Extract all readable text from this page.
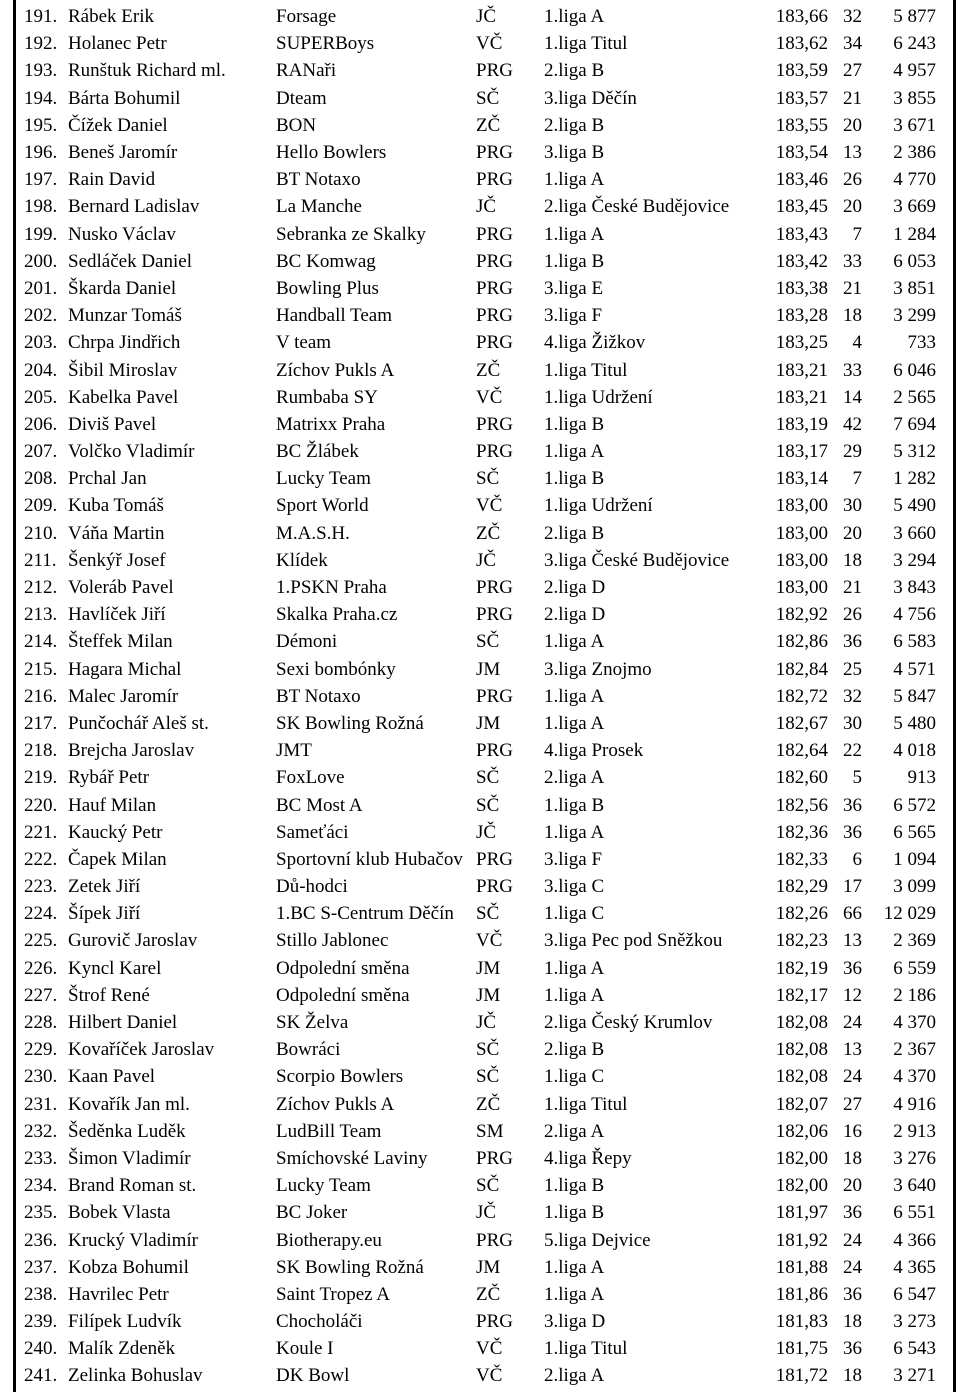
191.	Rábek Erik	Forsage	JČ	1.liga A	183,66	32	5 877
192.	Holanec Petr	SUPERBoys	VČ	1.liga Titul	183,62	34	6 243
193.	Runštuk Richard ml.	RANaři	PRG	2.liga B	183,59	27	4 957
194.	Bárta Bohumil	Dteam	SČ	3.liga Děčín	183,57	21	3 855
195.	Čížek Daniel	BON	ZČ	2.liga B	183,55	20	3 671
196.	Beneš Jaromír	Hello Bowlers	PRG	3.liga B	183,54	13	2 386
197.	Rain David	BT Notaxo	PRG	1.liga A	183,46	26	4 770
198.	Bernard Ladislav	La Manche	JČ	2.liga České Budějovice	183,45	20	3 669
199.	Nusko Václav	Sebranka ze Skalky	PRG	1.liga A	183,43	7	1 284
200.	Sedláček Daniel	BC Komwag	PRG	1.liga B	183,42	33	6 053
201.	Škarda Daniel	Bowling Plus	PRG	3.liga E	183,38	21	3 851
202.	Munzar Tomáš	Handball Team	PRG	3.liga F	183,28	18	3 299
203.	Chrpa Jindřich	V team	PRG	4.liga Žižkov	183,25	4	733
204.	Šibil Miroslav	Zíchov Pukls A	ZČ	1.liga Titul	183,21	33	6 046
205.	Kabelka Pavel	Rumbaba SY	VČ	1.liga Udržení	183,21	14	2 565
206.	Diviš Pavel	Matrixx Praha	PRG	1.liga B	183,19	42	7 694
207.	Volčko Vladimír	BC Žlábek	PRG	1.liga A	183,17	29	5 312
208.	Prchal Jan	Lucky Team	SČ	1.liga B	183,14	7	1 282
209.	Kuba Tomáš	Sport World	VČ	1.liga Udržení	183,00	30	5 490
210.	Váňa Martin	M.A.S.H.	ZČ	2.liga B	183,00	20	3 660
211.	Šenkýř Josef	Klídek	JČ	3.liga České Budějovice	183,00	18	3 294
212.	Volеráb Pavel	1.PSKN Praha	PRG	2.liga D	183,00	21	3 843
213.	Havlíček Jiří	Skalka Praha.cz	PRG	2.liga D	182,92	26	4 756
214.	Šteffek Milan	Démoni	SČ	1.liga A	182,86	36	6 583
215.	Hagara Michal	Sexi bombónky	JM	3.liga Znojmo	182,84	25	4 571
216.	Malec Jaromír	BT Notaxo	PRG	1.liga A	182,72	32	5 847
217.	Punčochář Aleš st.	SK Bowling Rožná	JM	1.liga A	182,67	30	5 480
218.	Brejcha Jaroslav	JMT	PRG	4.liga Prosek	182,64	22	4 018
219.	Rybář Petr	FoxLove	SČ	2.liga A	182,60	5	913
220.	Hauf Milan	BC Most A	SČ	1.liga B	182,56	36	6 572
221.	Kaucký Petr	Sameťáci	JČ	1.liga A	182,36	36	6 565
222.	Čapek Milan	Sportovní klub Hubačov	PRG	3.liga F	182,33	6	1 094
223.	Zetek Jiří	Dů-hodci	PRG	3.liga C	182,29	17	3 099
224.	Šípek Jiří	1.BC S-Centrum Děčín	SČ	1.liga C	182,26	66	12 029
225.	Gurovič Jaroslav	Stillo Jablonec	VČ	3.liga Pec pod Sněžkou	182,23	13	2 369
226.	Kyncl Karel	Odpolední směna	JM	1.liga A	182,19	36	6 559
227.	Štrof René	Odpolední směna	JM	1.liga A	182,17	12	2 186
228.	Hilbert Daniel	SK Želva	JČ	2.liga Český Krumlov	182,08	24	4 370
229.	Kovaříček Jaroslav	Bowráci	SČ	2.liga B	182,08	13	2 367
230.	Kaan Pavel	Scorpio Bowlers	SČ	1.liga C	182,08	24	4 370
231.	Kovařík Jan ml.	Zíchov Pukls A	ZČ	1.liga Titul	182,07	27	4 916
232.	Šeděnka Luděk	LudBill Team	SM	2.liga A	182,06	16	2 913
233.	Šimon Vladimír	Smíchovské Laviny	PRG	4.liga Řepy	182,00	18	3 276
234.	Brand Roman st.	Lucky Team	SČ	1.liga B	182,00	20	3 640
235.	Bobek Vlasta	BC Joker	JČ	1.liga B	181,97	36	6 551
236.	Krucký Vladimír	Biotherapy.eu	PRG	5.liga Dejvice	181,92	24	4 366
237.	Kobza Bohumil	SK Bowling Rožná	JM	1.liga A	181,88	24	4 365
238.	Havrilec Petr	Saint Tropez A	ZČ	1.liga A	181,86	36	6 547
239.	Filípek Ludvík	Chocholáči	PRG	3.liga D	181,83	18	3 273
240.	Malík Zdeněk	Koule I	VČ	1.liga Titul	181,75	36	6 543
241.	Zelinka Bohuslav	DK Bowl	VČ	2.liga A	181,72	18	3 271
